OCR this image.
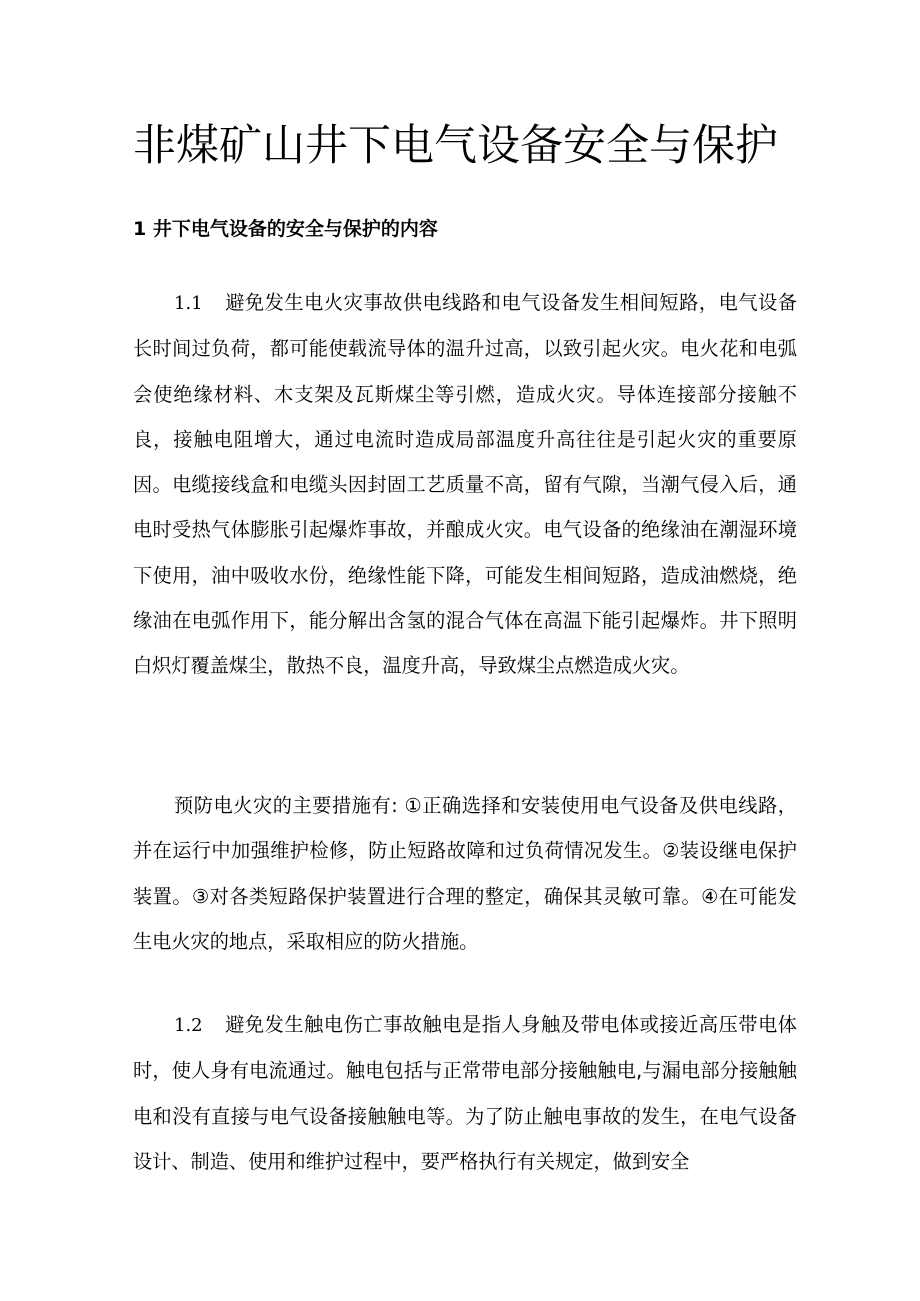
非煤矿山井下电气设备安全与保护
1 井下电气设备的安全与保护的内容

1.1 避免发生电火灾事故供电线路和电气设备发生相间短路，电气设备长时间过负荷，都可能使载流导体的温升过高，以致引起火灾。电火花和电弧会使绝缘材料、木支架及瓦斯煤尘等引燃，造成火灾。导体连接部分接触不良，接触电阻增大，通过电流时造成局部温度升高往往是引起火灾的重要原因。电缆接线盒和电缆头因封固工艺质量不高，留有气隙，当潮气侵入后，通电时受热气体膨胀引起爆炸事故，并酿成火灾。电气设备的绝缘油在潮湿环境下使用，油中吸收水份，绝缘性能下降，可能发生相间短路，造成油燃烧，绝缘油在电弧作用下，能分解出含氢的混合气体在高温下能引起爆炸。井下照明白炽灯覆盖煤尘，散热不良，温度升高，导致煤尘点燃造成火灾。

预防电火灾的主要措施有: ①正确选择和安装使用电气设备及供电线路，并在运行中加强维护检修，防止短路故障和过负荷情况发生。②装设继电保护装置。③对各类短路保护装置进行合理的整定，确保其灵敏可靠。④在可能发生电火灾的地点，采取相应的防火措施。

1.2 避免发生触电伤亡事故触电是指人身触及带电体或接近高压带电体时，使人身有电流通过。触电包括与正常带电部分接触触电,与漏电部分接触触电和没有直接与电气设备接触触电等。为了防止触电事故的发生，在电气设备设计、制造、使用和维护过程中，要严格执行有关规定，做到安全
